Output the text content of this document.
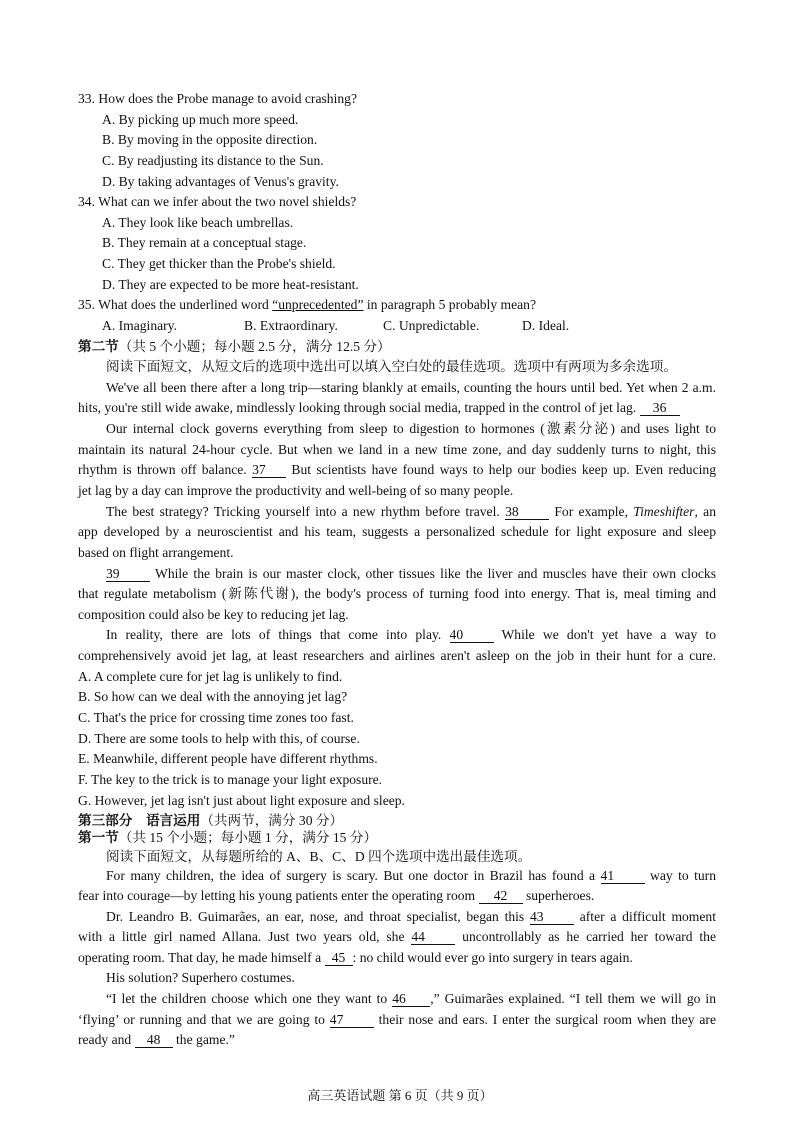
33. How does the Probe manage to avoid crashing?
A. By picking up much more speed.
B. By moving in the opposite direction.
C. By readjusting its distance to the Sun.
D. By taking advantages of Venus's gravity.
34. What can we infer about the two novel shields?
A. They look like beach umbrellas.
B. They remain at a conceptual stage.
C. They get thicker than the Probe's shield.
D. They are expected to be more heat-resistant.
35. What does the underlined word “unprecedented” in paragraph 5 probably mean?
A. Imaginary.	B. Extraordinary.	C. Unpredictable.	D. Ideal.
第二节（共 5 个小题；每小题 2.5 分，满分 12.5 分）
阅读下面短文，从短文后的选项中选出可以填入空白处的最佳选项。选项中有两项为多余选项。
We've all been there after a long trip—staring blankly at emails, counting the hours until bed. Yet when 2 a.m.
hits, you're still wide awake, mindlessly looking through social media, trapped in the control of jet lag. 36
Our internal clock governs everything from sleep to digestion to hormones (激素分泌) and uses light to
maintain its natural 24-hour cycle. But when we land in a new time zone, and day suddenly turns to night, this
rhythm is thrown off balance. 37 But scientists have found ways to help our bodies keep up. Even reducing
jet lag by a day can improve the productivity and well-being of so many people.
The best strategy? Tricking yourself into a new rhythm before travel. 38	For example, Timeshifter, an
app developed by a neuroscientist and his team, suggests a personalized schedule for light exposure and sleep
based on flight arrangement.
39	While the brain is our master clock, other tissues like the liver and muscles have their own clocks
that regulate metabolism (新陈代谢), the body's process of turning food into energy. That is, meal timing and
composition could also be key to reducing jet lag.
In reality, there are lots of things that come into play. 40	While we don't yet have a way to
comprehensively avoid jet lag, at least researchers and airlines aren't asleep on the job in their hunt for a cure.
A. A complete cure for jet lag is unlikely to find.
B. So how can we deal with the annoying jet lag?
C. That's the price for crossing time zones too fast.
D. There are some tools to help with this, of course.
E. Meanwhile, different people have different rhythms.
F. The key to the trick is to manage your light exposure.
G. However, jet lag isn't just about light exposure and sleep.
第三部分　语言运用（共两节，满分 30 分）
第一节（共 15 个小题；每小题 1 分，满分 15 分）
阅读下面短文，从每题所给的 A、B、C、D 四个选项中选出最佳选项。
For many children, the idea of surgery is scary. But one doctor in Brazil has found a 41	way to turn
fear into courage—by letting his young patients enter the operating room 42 superheroes.
Dr. Leandro B. Guimarães, an ear, nose, and throat specialist, began this 43	after a difficult moment
with a little girl named Allana. Just two years old, she 44	uncontrollably as he carried her toward the
operating room. That day, he made himself a 45 : no child would ever go into surgery in tears again.
His solution? Superhero costumes.
“I let the children choose which one they want to 46 ,” Guimarães explained. “I tell them we will go in
‘flying’ or running and that we are going to 47	their nose and ears. I enter the surgical room when they are
ready and 48 the game.”
高三英语试题 第 6 页（共 9 页）
